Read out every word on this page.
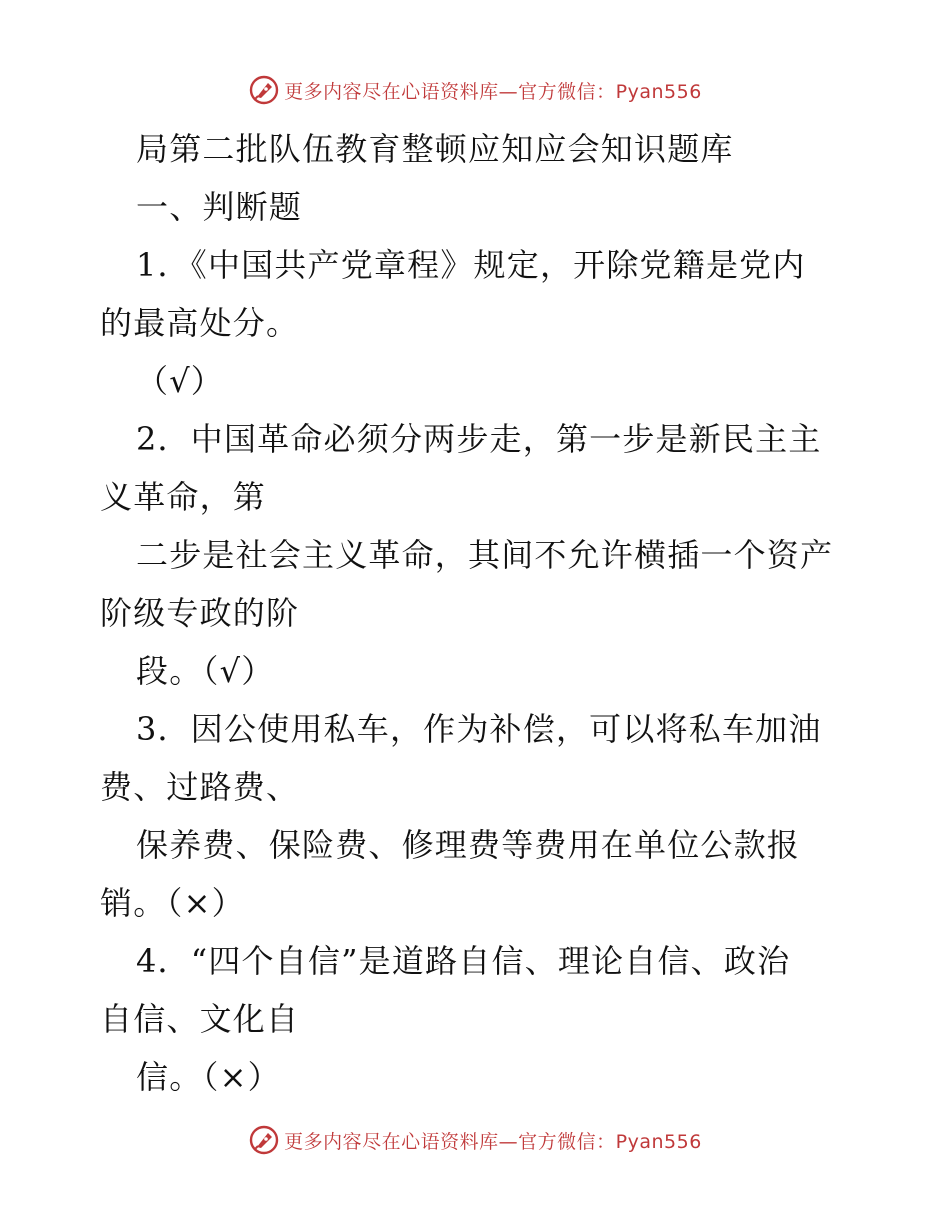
更多内容尽在心语资料库—官方微信：Pyan556
局第二批队伍教育整顿应知应会知识题库
一、判断题
1．《中国共产党章程》规定，开除党籍是党内
的最高处分。
（√）
2．中国革命必须分两步走，第一步是新民主主
义革命，第
二步是社会主义革命，其间不允许横插一个资产
阶级专政的阶
段。（√）
3．因公使用私车，作为补偿，可以将私车加油
费、过路费、
保养费、保险费、修理费等费用在单位公款报
销。（×）
4．“四个自信”是道路自信、理论自信、政治
自信、文化自
信。（×）
更多内容尽在心语资料库—官方微信：Pyan556
